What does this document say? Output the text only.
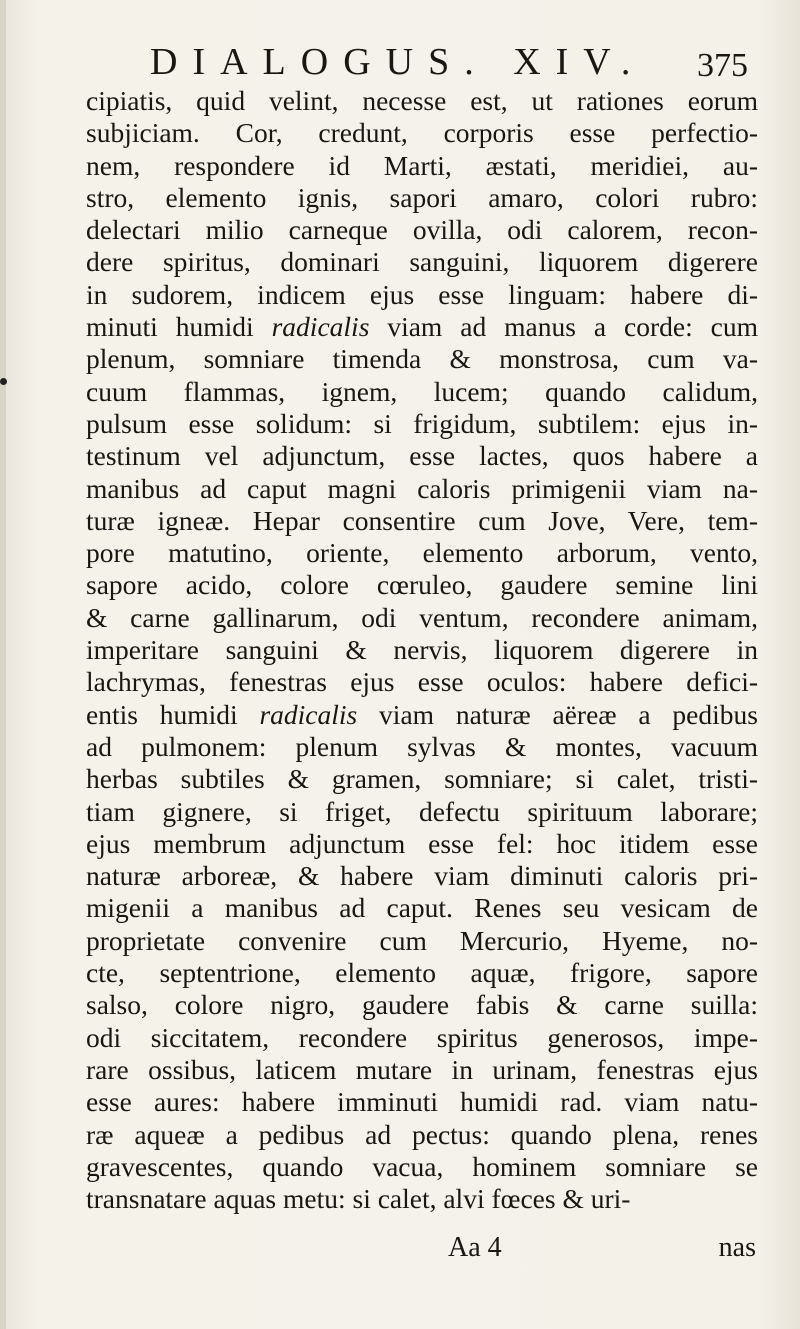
DIALOGUS. XIV. 375
cipiatis, quid velint, necesse est, ut rationes eorum
subjiciam. Cor, credunt, corporis esse perfectio-
nem, respondere id Marti, æstati, meridiei, au-
stro, elemento ignis, sapori amaro, colori rubro:
delectari milio carneque ovilla, odi calorem, recon-
dere spiritus, dominari sanguini, liquorem digerere
in sudorem, indicem ejus esse linguam: habere di-
minuti humidi radicalis viam ad manus a corde: cum
plenum, somniare timenda & monstrosa, cum va-
cuum flammas, ignem, lucem; quando calidum,
pulsum esse solidum: si frigidum, subtilem: ejus in-
testinum vel adjunctum, esse lactes, quos habere a
manibus ad caput magni caloris primigenii viam na-
turæ igneæ. Hepar consentire cum Jove, Vere, tem-
pore matutino, oriente, elemento arborum, vento,
sapore acido, colore cœruleo, gaudere semine lini
& carne gallinarum, odi ventum, recondere animam,
imperitare sanguini & nervis, liquorem digerere in
lachrymas, fenestras ejus esse oculos: habere defici-
entis humidi radicalis viam naturæ aëreæ a pedibus
ad pulmonem: plenum sylvas & montes, vacuum
herbas subtiles & gramen, somniare; si calet, tristi-
tiam gignere, si friget, defectu spirituum laborare;
ejus membrum adjunctum esse fel: hoc itidem esse
naturæ arboreæ, & habere viam diminuti caloris pri-
migenii a manibus ad caput. Renes seu vesicam de
proprietate convenire cum Mercurio, Hyeme, no-
cte, septentrione, elemento aquæ, frigore, sapore
salso, colore nigro, gaudere fabis & carne suilla:
odi siccitatem, recondere spiritus generosos, impe-
rare ossibus, laticem mutare in urinam, fenestras ejus
esse aures: habere imminuti humidi rad. viam natu-
ræ aqueæ a pedibus ad pectus: quando plena, renes
gravescentes, quando vacua, hominem somniare se
transnatare aquas metu: si calet, alvi fœces & uri-
Aa 4	nas
